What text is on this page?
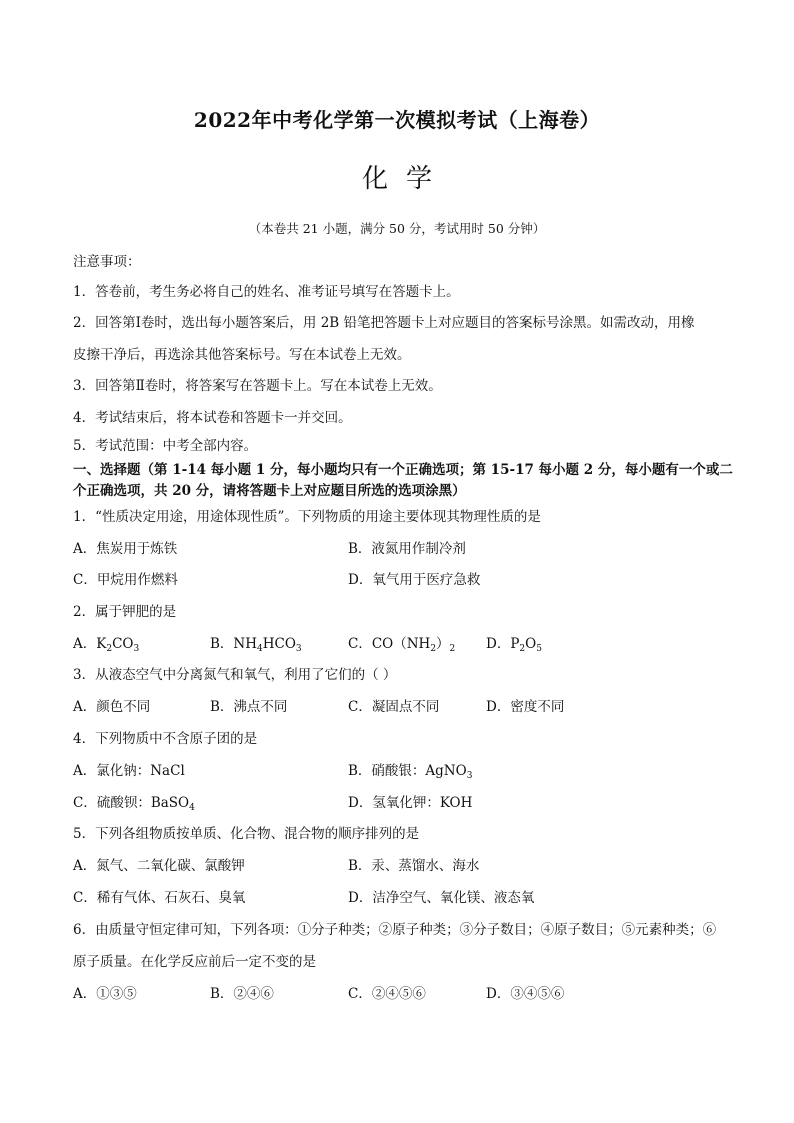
2022年中考化学第一次模拟考试（上海卷）
化学
（本卷共 21 小题，满分 50 分，考试用时 50 分钟）
注意事项：
1．答卷前，考生务必将自己的姓名、准考证号填写在答题卡上。
2．回答第Ⅰ卷时，选出每小题答案后，用 2B 铅笔把答题卡上对应题目的答案标号涂黑。如需改动，用橡
皮擦干净后，再选涂其他答案标号。写在本试卷上无效。
3．回答第Ⅱ卷时，将答案写在答题卡上。写在本试卷上无效。
4．考试结束后，将本试卷和答题卡一并交回。
5．考试范围：中考全部内容。
一、选择题（第 1-14 每小题 1 分，每小题均只有一个正确选项；第 15-17 每小题 2 分，每小题有一个或二
个正确选项，共 20 分，请将答题卡上对应题目所选的选项涂黑）
1．“性质决定用途，用途体现性质”。下列物质的用途主要体现其物理性质的是
A．焦炭用于炼铁	B．液氮用作制冷剂
C．甲烷用作燃料	D．氧气用于医疗急救
2．属于钾肥的是
A．$K_2CO_3$	B．$NH_4HCO_3$	C．$CO(NH_2)_2$ D．$P_2O_5$
3．从液态空气中分离氮气和氧气，利用了它们的（ ）
A．颜色不同	B．沸点不同	C．凝固点不同	D．密度不同
4．下列物质中不含原子团的是
A．氯化钠：NaCl	B．硝酸银：AgNO$_3$
C．硫酸钡：BaSO$_4$	D．氢氧化钾：KOH
5．下列各组物质按单质、化合物、混合物的顺序排列的是
A．氮气、二氧化碳、氯酸钾	B．汞、蒸馏水、海水
C．稀有气体、石灰石、臭氧	D．洁净空气、氧化镁、液态氧
6．由质量守恒定律可知，下列各项：①分子种类；②原子种类；③分子数目；④原子数目；⑤元素种类；⑥
原子质量。在化学反应前后一定不变的是
A．①③⑤	B．②④⑥	C．②④⑤⑥	D．③④⑤⑥
